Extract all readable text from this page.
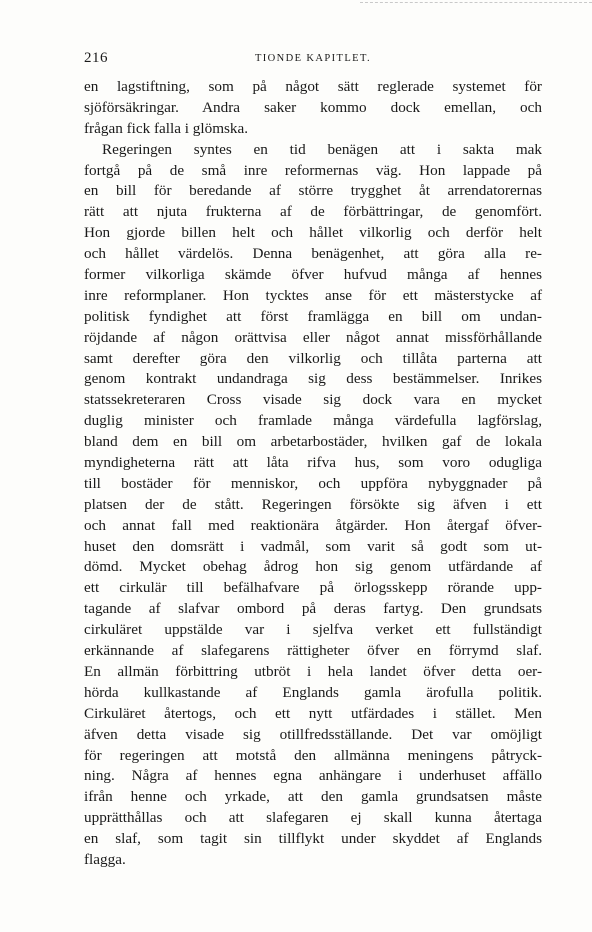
216	TIONDE KAPITLET.
en lagstiftning, som på något sätt reglerade systemet för
sjöförsäkringar. Andra saker kommo dock emellan, och
frågan fick falla i glömska.
Regeringen syntes en tid benägen att i sakta mak
fortgå på de små inre reformernas väg. Hon lappade på
en bill för beredande af större trygghet åt arrendatorernas
rätt att njuta frukterna af de förbättringar, de genomfört.
Hon gjorde billen helt och hållet vilkorlig och derför helt
och hållet värdelös. Denna benägenhet, att göra alla re-
former vilkorliga skämde öfver hufvud många af hennes
inre reformplaner. Hon tycktes anse för ett mästerstycke af
politisk fyndighet att först framlägga en bill om undan-
röjdande af någon orättvisa eller något annat missförhållande
samt derefter göra den vilkorlig och tillåta parterna att
genom kontrakt undandraga sig dess bestämmelser. Inrikes
statssekreteraren Cross visade sig dock vara en mycket
duglig minister och framlade många värdefulla lagförslag,
bland dem en bill om arbetarbostäder, hvilken gaf de lokala
myndigheterna rätt att låta rifva hus, som voro odugliga
till bostäder för menniskor, och uppföra nybyggnader på
platsen der de stått. Regeringen försökte sig äfven i ett
och annat fall med reaktionära åtgärder. Hon återgaf öfver-
huset den domsrätt i vadmål, som varit så godt som ut-
dömd. Mycket obehag ådrog hon sig genom utfärdande af
ett cirkulär till befälhafvare på örlogsskepp rörande upp-
tagande af slafvar ombord på deras fartyg. Den grundsats
cirkuläret uppstälde var i sjelfva verket ett fullständigt
erkännande af slafegarens rättigheter öfver en förrymd slaf.
En allmän förbittring utbröt i hela landet öfver detta oer-
hörda kullkastande af Englands gamla ärofulla politik.
Cirkuläret återtogs, och ett nytt utfärdades i stället. Men
äfven detta visade sig otillfredsställande. Det var omöjligt
för regeringen att motstå den allmänna meningens påtryck-
ning. Några af hennes egna anhängare i underhuset affällo
ifrån henne och yrkade, att den gamla grundsatsen måste
upprätthållas och att slafegaren ej skall kunna återtaga
en slaf, som tagit sin tillflykt under skyddet af Englands
flagga.
